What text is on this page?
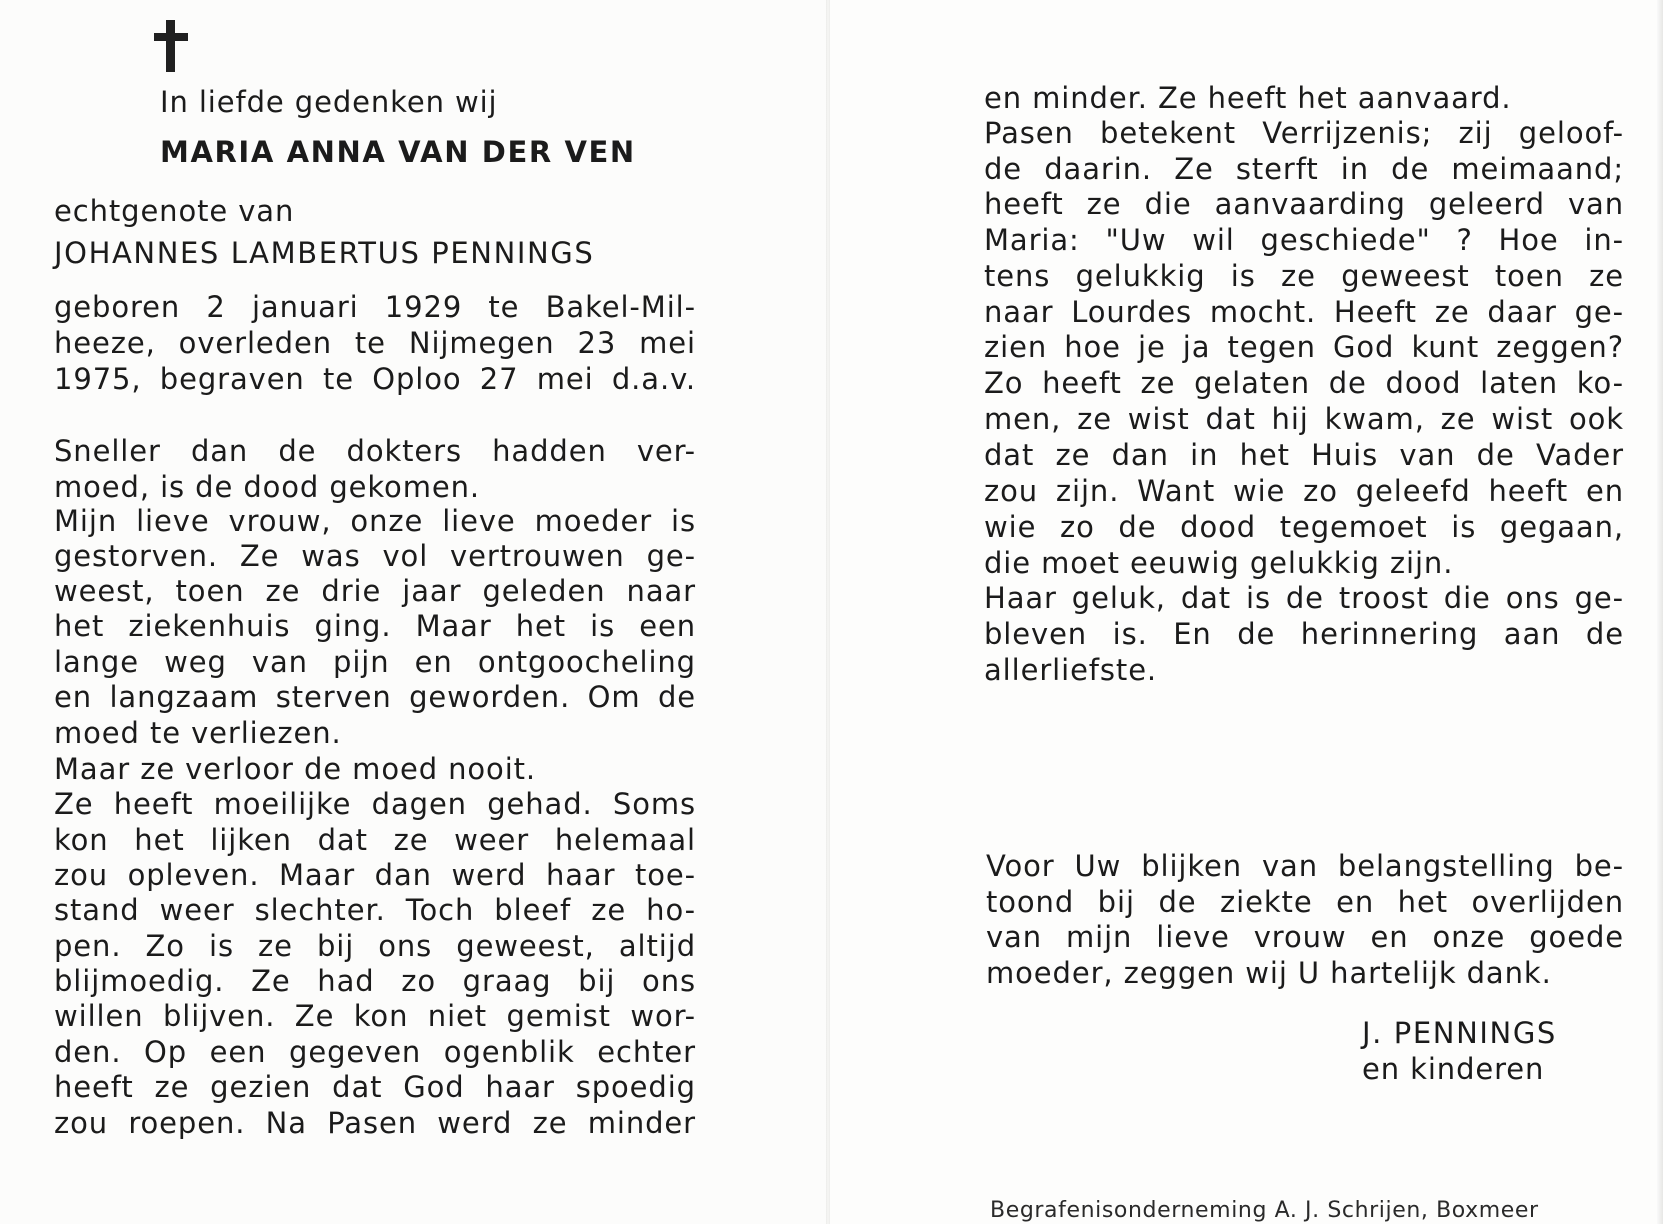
In liefde gedenken wij
MARIA ANNA VAN DER VEN
echtgenote van
JOHANNES LAMBERTUS PENNINGS
geboren 2 januari 1929 te Bakel-Mil-
heeze, overleden te Nijmegen 23 mei
1975, begraven te Oploo 27 mei d.a.v.
Sneller dan de dokters hadden ver-
moed, is de dood gekomen.
Mijn lieve vrouw, onze lieve moeder is
gestorven. Ze was vol vertrouwen ge-
weest, toen ze drie jaar geleden naar
het ziekenhuis ging. Maar het is een
lange weg van pijn en ontgoocheling
en langzaam sterven geworden. Om de
moed te verliezen.
Maar ze verloor de moed nooit.
Ze heeft moeilijke dagen gehad. Soms
kon het lijken dat ze weer helemaal
zou opleven. Maar dan werd haar toe-
stand weer slechter. Toch bleef ze ho-
pen. Zo is ze bij ons geweest, altijd
blijmoedig. Ze had zo graag bij ons
willen blijven. Ze kon niet gemist wor-
den. Op een gegeven ogenblik echter
heeft ze gezien dat God haar spoedig
zou roepen. Na Pasen werd ze minder
en minder. Ze heeft het aanvaard.
Pasen betekent Verrijzenis; zij geloof-
de daarin. Ze sterft in de meimaand;
heeft ze die aanvaarding geleerd van
Maria: "Uw wil geschiede" ? Hoe in-
tens gelukkig is ze geweest toen ze
naar Lourdes mocht. Heeft ze daar ge-
zien hoe je ja tegen God kunt zeggen?
Zo heeft ze gelaten de dood laten ko-
men, ze wist dat hij kwam, ze wist ook
dat ze dan in het Huis van de Vader
zou zijn. Want wie zo geleefd heeft en
wie zo de dood tegemoet is gegaan,
die moet eeuwig gelukkig zijn.
Haar geluk, dat is de troost die ons ge-
bleven is. En de herinnering aan de
allerliefste.
Voor Uw blijken van belangstelling be-
toond bij de ziekte en het overlijden
van mijn lieve vrouw en onze goede
moeder, zeggen wij U hartelijk dank.
J. PENNINGS
en kinderen
Begrafenisonderneming A. J. Schrijen, Boxmeer
